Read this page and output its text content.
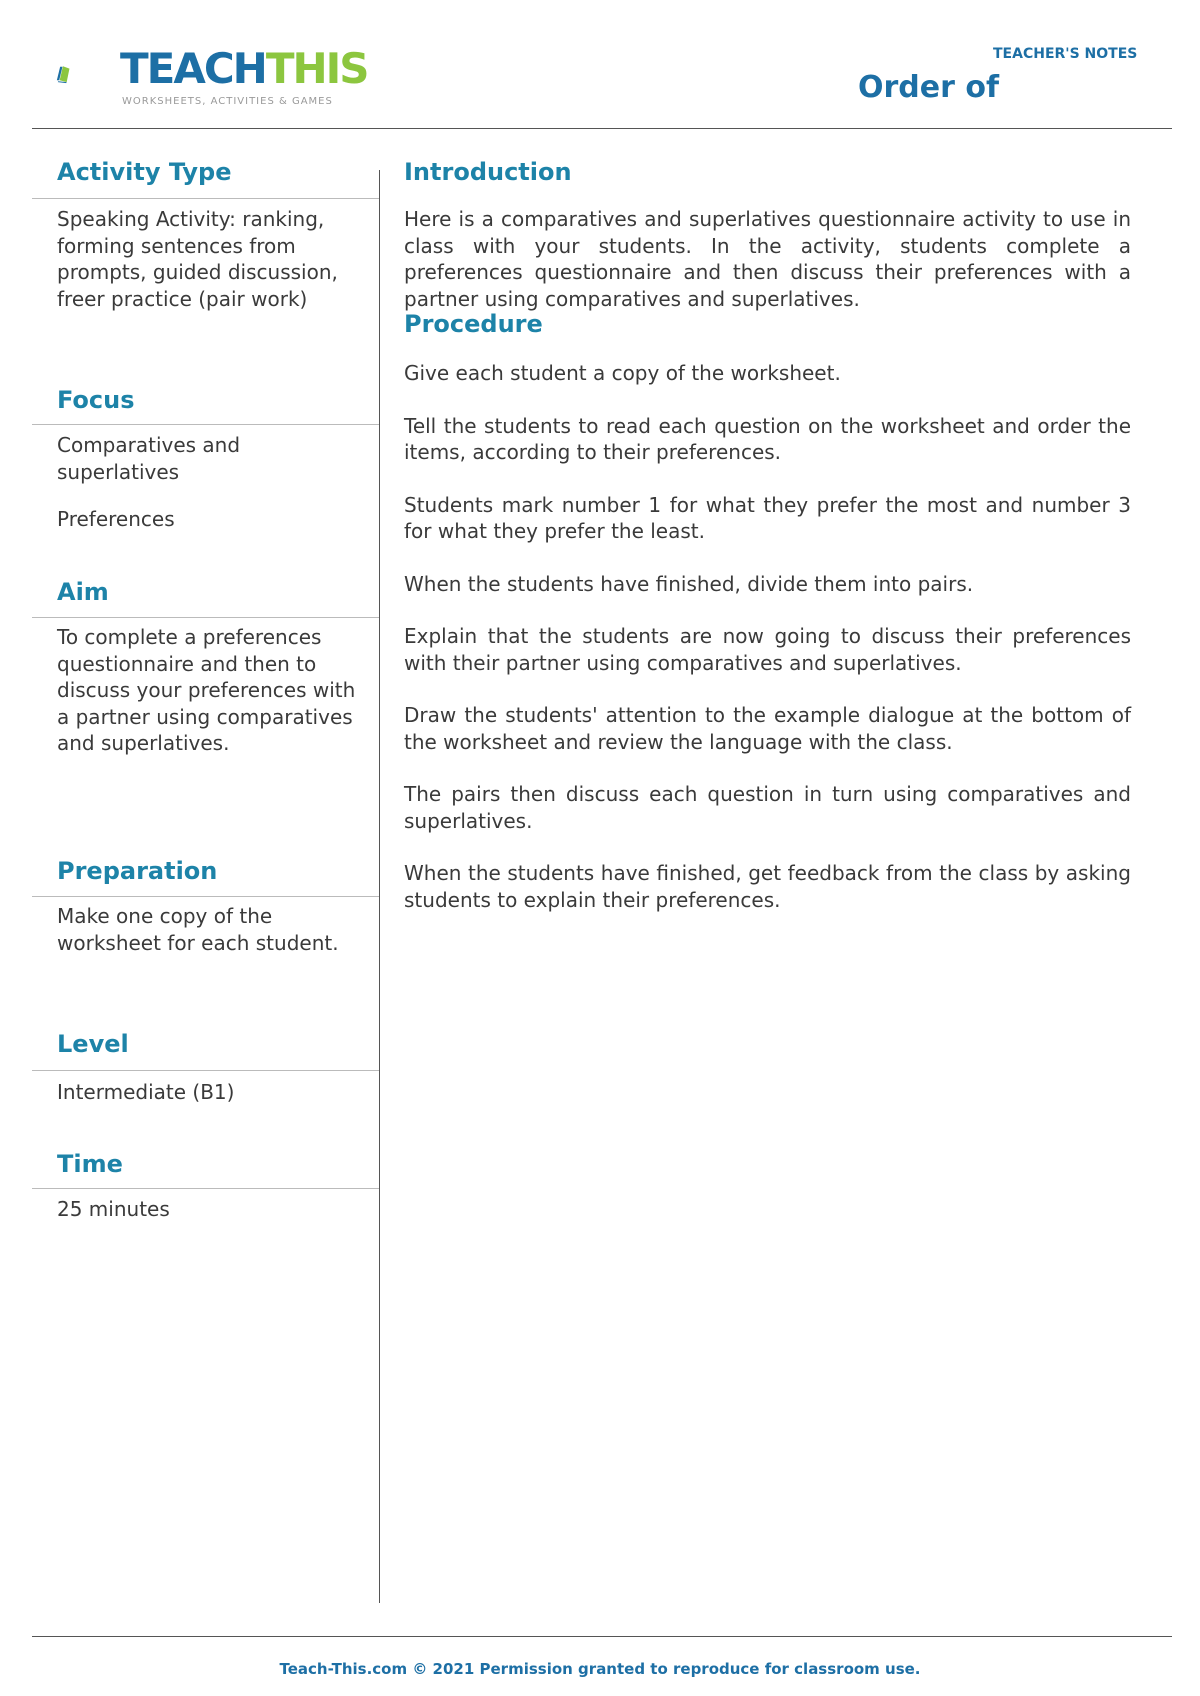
TEACHTHIS
WORKSHEETS, ACTIVITIES & GAMES
TEACHER'S NOTES
Order of
Activity Type
Speaking Activity: ranking, forming sentences from prompts, guided discussion, freer practice (pair work)
Focus
Comparatives and superlatives
Preferences
Aim
To complete a preferences questionnaire and then to discuss your preferences with a partner using comparatives and superlatives.
Preparation
Make one copy of the worksheet for each student.
Level
Intermediate (B1)
Time
25 minutes
Introduction
Here is a comparatives and superlatives questionnaire activity to use in class with your students. In the activity, students complete a preferences questionnaire and then discuss their preferences with a partner using comparatives and superlatives.
Procedure

Give each student a copy of the worksheet.

Tell the students to read each question on the worksheet and order the items, according to their preferences.

Students mark number 1 for what they prefer the most and number 3 for what they prefer the least.

When the students have finished, divide them into pairs.

Explain that the students are now going to discuss their preferences with their partner using comparatives and superlatives.

Draw the students' attention to the example dialogue at the bottom of the worksheet and review the language with the class.

The pairs then discuss each question in turn using comparatives and superlatives.

When the students have finished, get feedback from the class by asking students to explain their preferences.

Teach-This.com © 2021 Permission granted to reproduce for classroom use.
